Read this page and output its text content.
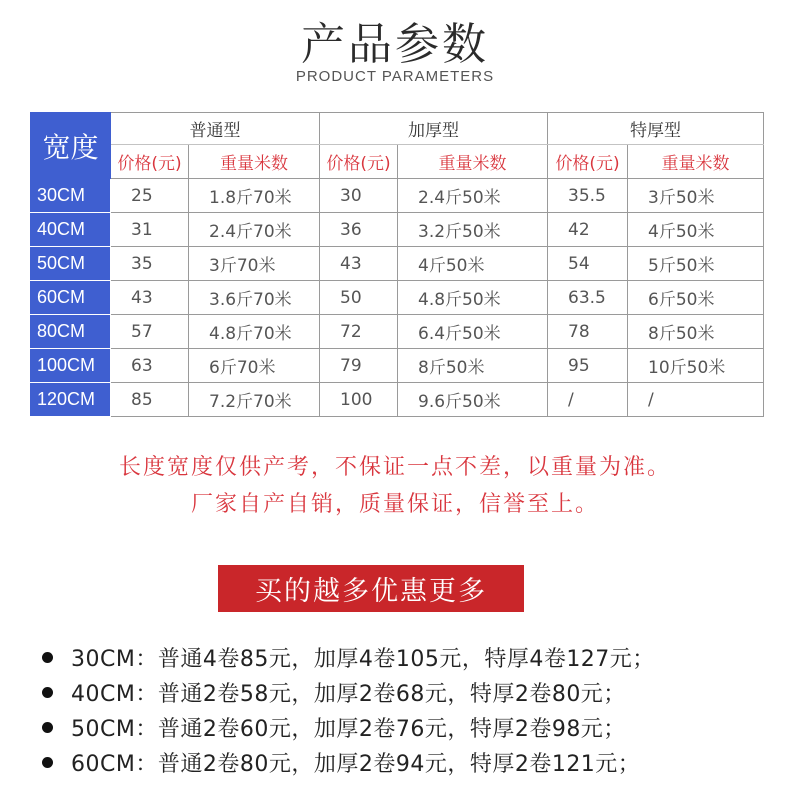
产品参数
PRODUCT PARAMETERS
宽度	普通型		加厚型		特厚型	
	价格(元)	重量米数	价格(元)	重量米数	价格(元)	重量米数
30CM	25	1.8斤70米	30	2.4斤50米	35.5	3斤50米
40CM	31	2.4斤70米	36	3.2斤50米	42	4斤50米
50CM	35	3斤70米	43	4斤50米	54	5斤50米
60CM	43	3.6斤70米	50	4.8斤50米	63.5	6斤50米
80CM	57	4.8斤70米	72	6.4斤50米	78	8斤50米
100CM	63	6斤70米	79	8斤50米	95	10斤50米
120CM	85	7.2斤70米	100	9.6斤50米	/	/
长度宽度仅供产考，不保证一点不差，以重量为准。
厂家自产自销，质量保证，信誉至上。
买的越多优惠更多
30CM：普通4卷85元，加厚4卷105元，特厚4卷127元；
40CM：普通2卷58元，加厚2卷68元，特厚2卷80元；
50CM：普通2卷60元，加厚2卷76元，特厚2卷98元；
60CM：普通2卷80元，加厚2卷94元，特厚2卷121元；
